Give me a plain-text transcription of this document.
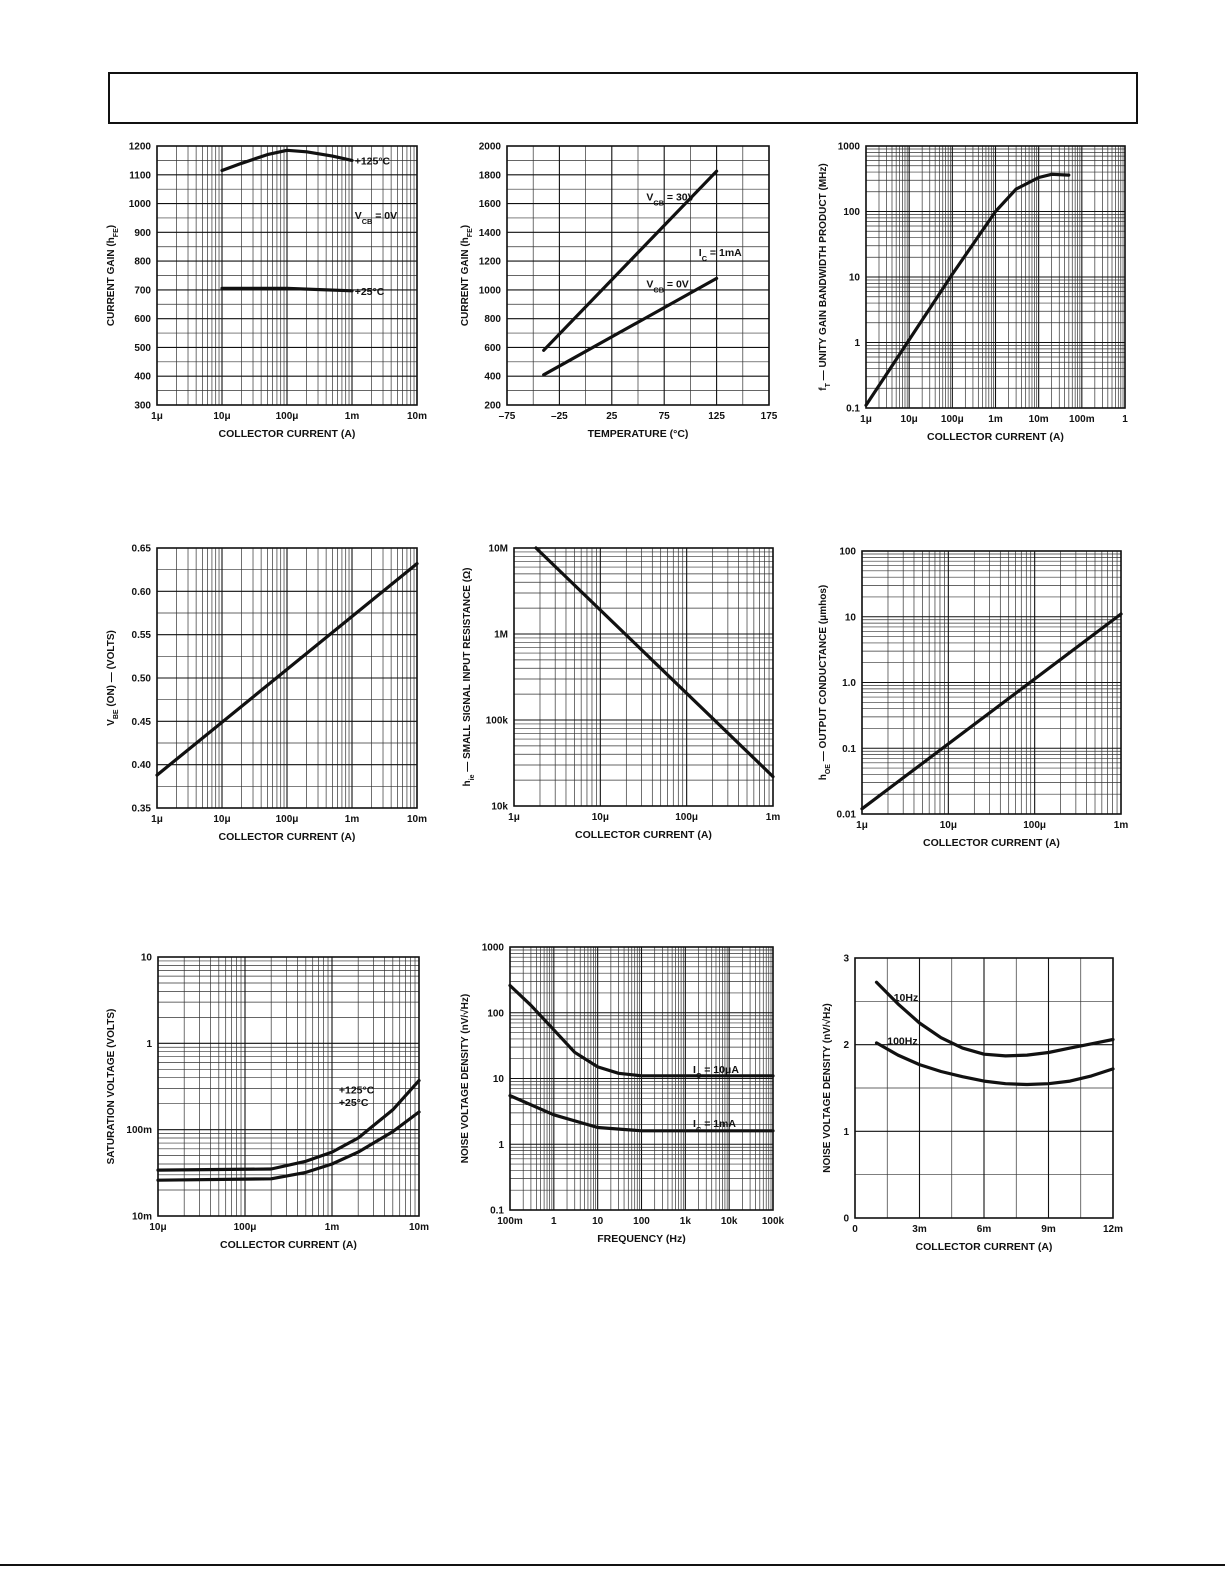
1μ	10μ	100μ	1m	10m
300
400
500
600
700
800
900
1000
1100
1200
COLLECTOR CURRENT (A)
CURRENT GAIN $(h_{FE})$
+125°C
$V_{CB} = 0V$
+25°C
–75	–25	25	75	125	175
200
400
600
800
1000
1200
1400
1600
1800
2000
TEMPERATURE (°C)
CURRENT GAIN $(h_{FE})$
$V_{CB} = 30V$
$I_C = 1mA$
$V_{CB} = 0V$
1μ	10μ 100μ 1m	10m 100m	1
0.1
1
10
100
1000
COLLECTOR CURRENT (A)
$f_T$ — UNITY GAIN BANDWIDTH PRODUCT (MHz)
1μ	10μ	100μ	1m	10m
0.35
0.40
0.45
0.50
0.55
0.60
0.65
COLLECTOR CURRENT (A)
$V_{BE}$ (ON) — (VOLTS)
1μ	10μ	100μ	1m
10k
100k
1M
10M
COLLECTOR CURRENT (A)
$h_{ie}$ — SMALL SIGNAL INPUT RESISTANCE (Ω)
1μ	10μ	100μ	1m
0.01
0.1
1.0
10
100
COLLECTOR CURRENT (A)
$h_{OE}$ — OUTPUT CONDUCTANCE (μmhos)
10μ	100μ	1m	10m
10m
100m
1
10
COLLECTOR CURRENT (A)
SATURATION VOLTAGE (VOLTS)	+125°C
+25°C
100m	1	10	100	1k	10k 100k
0.1
1
10
100
1000
FREQUENCY (Hz)
NOISE VOLTAGE DENSITY (nV/√Hz)	$I_C = 10\mu A$
$I_C = 1mA$
0	3m	6m	9m	12m
0
1
2
3
COLLECTOR CURRENT (A)
NOISE VOLTAGE DENSITY (nV/√Hz)
10Hz
100Hz
